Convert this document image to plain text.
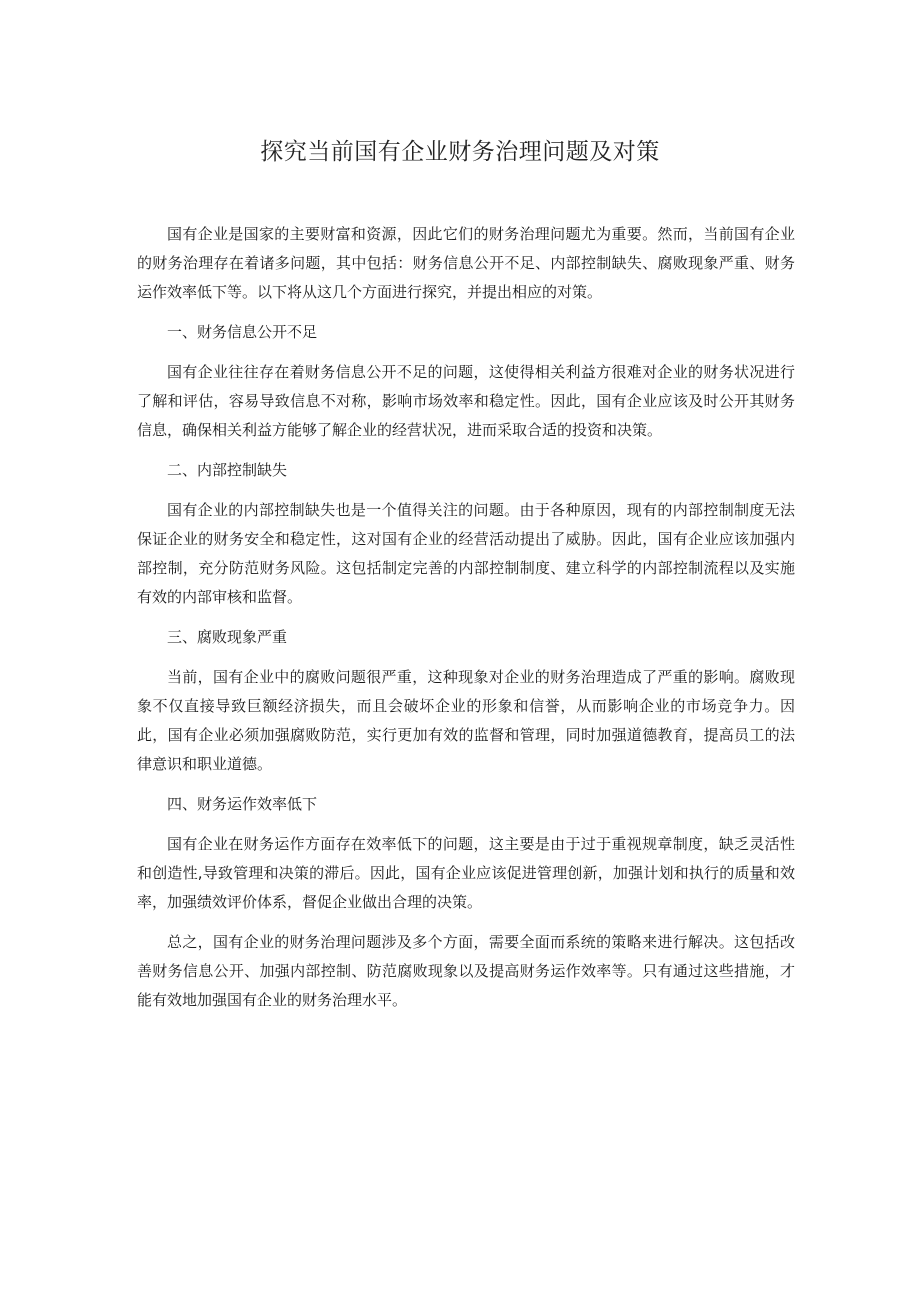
探究当前国有企业财务治理问题及对策

国有企业是国家的主要财富和资源，因此它们的财务治理问题尤为重要。然而，当前国有企业的财务治理存在着诸多问题，其中包括：财务信息公开不足、内部控制缺失、腐败现象严重、财务运作效率低下等。以下将从这几个方面进行探究，并提出相应的对策。

一、财务信息公开不足

国有企业往往存在着财务信息公开不足的问题，这使得相关利益方很难对企业的财务状况进行了解和评估，容易导致信息不对称，影响市场效率和稳定性。因此，国有企业应该及时公开其财务信息，确保相关利益方能够了解企业的经营状况，进而采取合适的投资和决策。

二、内部控制缺失

国有企业的内部控制缺失也是一个值得关注的问题。由于各种原因，现有的内部控制制度无法保证企业的财务安全和稳定性，这对国有企业的经营活动提出了威胁。因此，国有企业应该加强内部控制，充分防范财务风险。这包括制定完善的内部控制制度、建立科学的内部控制流程以及实施有效的内部审核和监督。

三、腐败现象严重

当前，国有企业中的腐败问题很严重，这种现象对企业的财务治理造成了严重的影响。腐败现象不仅直接导致巨额经济损失，而且会破坏企业的形象和信誉，从而影响企业的市场竞争力。因此，国有企业必须加强腐败防范，实行更加有效的监督和管理，同时加强道德教育，提高员工的法律意识和职业道德。

四、财务运作效率低下

国有企业在财务运作方面存在效率低下的问题，这主要是由于过于重视规章制度，缺乏灵活性和创造性,导致管理和决策的滞后。因此，国有企业应该促进管理创新，加强计划和执行的质量和效率，加强绩效评价体系，督促企业做出合理的决策。

总之，国有企业的财务治理问题涉及多个方面，需要全面而系统的策略来进行解决。这包括改善财务信息公开、加强内部控制、防范腐败现象以及提高财务运作效率等。只有通过这些措施，才能有效地加强国有企业的财务治理水平。
